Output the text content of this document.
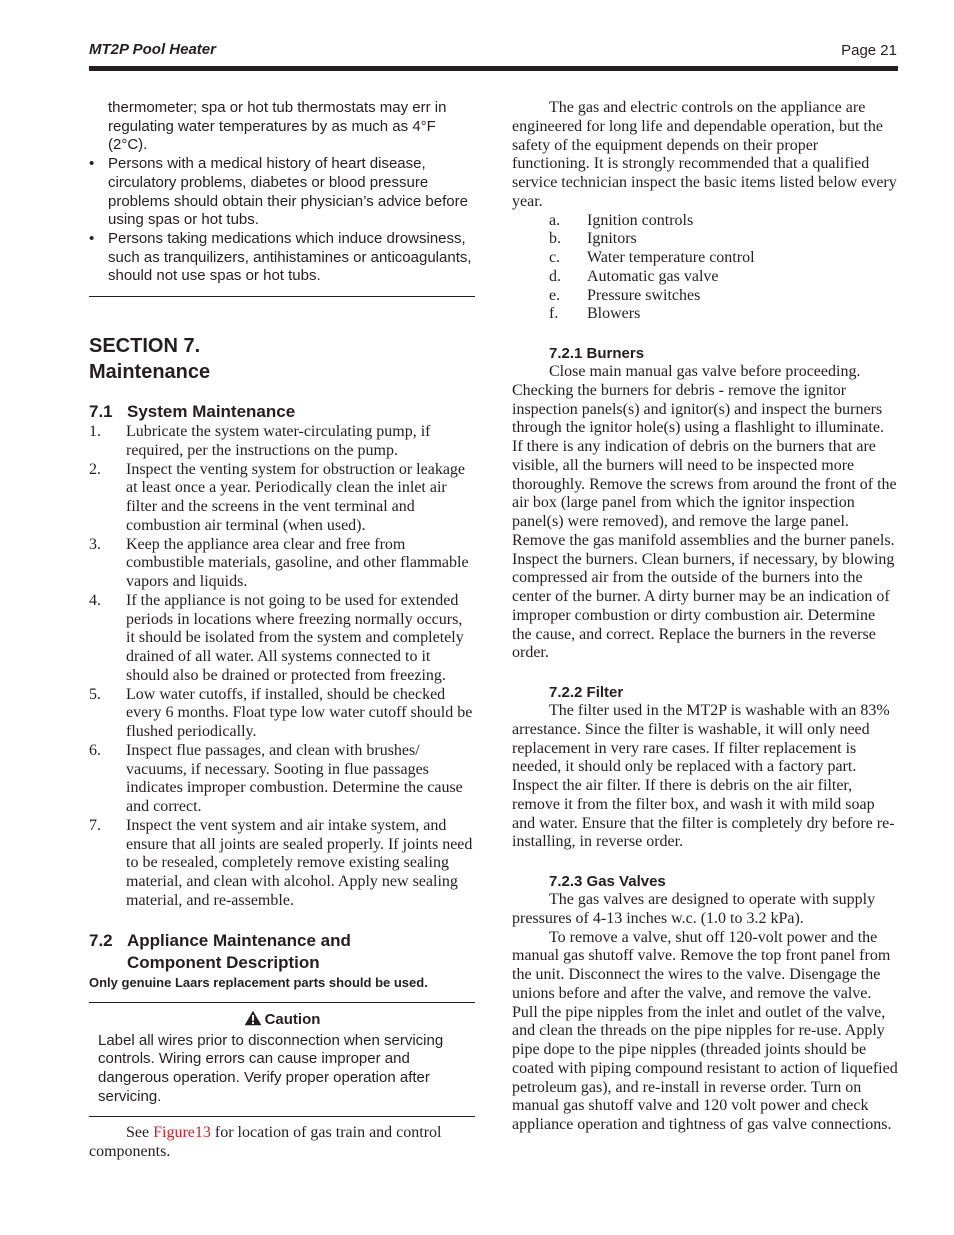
MT2P Pool Heater	Page 21
thermometer; spa or hot tub thermostats may err in regulating water temperatures by as much as 4°F (2°C).
• Persons with a medical history of heart disease, circulatory problems, diabetes or blood pressure problems should obtain their physician’s advice before using spas or hot tubs.
• Persons taking medications which induce drowsiness, such as tranquilizers, antihistamines or anticoagulants, should not use spas or hot tubs.
SECTION 7.
Maintenance
7.1 System Maintenance
1.	Lubricate the system water-circulating pump, if required, per the instructions on the pump.
2.	Inspect the venting system for obstruction or leakage at least once a year. Periodically clean the inlet air filter and the screens in the vent terminal and combustion air terminal (when used).
3.	Keep the appliance area clear and free from combustible materials, gasoline, and other flammable vapors and liquids.
4.	If the appliance is not going to be used for extended periods in locations where freezing normally occurs, it should be isolated from the system and completely drained of all water. All systems connected to it should also be drained or protected from freezing.
5.	Low water cutoffs, if installed, should be checked every 6 months. Float type low water cutoff should be flushed periodically.
6.	Inspect flue passages, and clean with brushes/ vacuums, if necessary. Sooting in flue passages indicates improper combustion. Determine the cause and correct.
7.	Inspect the vent system and air intake system, and ensure that all joints are sealed properly. If joints need to be resealed, completely remove existing sealing material, and clean with alcohol. Apply new sealing material, and re-assemble.
7.2 Appliance Maintenance and
Component Description
Only genuine Laars replacement parts should be used.
Caution
Label all wires prior to disconnection when servicing controls. Wiring errors can cause improper and dangerous operation. Verify proper operation after servicing.
See Figure13 for location of gas train and control components.
The gas and electric controls on the appliance are engineered for long life and dependable operation, but the safety of the equipment depends on their proper functioning. It is strongly recommended that a qualified service technician inspect the basic items listed below every year.
a.	Ignition controls
b.	Ignitors
c.	Water temperature control
d.	Automatic gas valve
e.	Pressure switches
f.	Blowers
7.2.1 Burners
Close main manual gas valve before proceeding. Checking the burners for debris - remove the ignitor inspection panels(s) and ignitor(s) and inspect the burners through the ignitor hole(s) using a flashlight to illuminate. If there is any indication of debris on the burners that are visible, all the burners will need to be inspected more thoroughly. Remove the screws from around the front of the air box (large panel from which the ignitor inspection panel(s) were removed), and remove the large panel. Remove the gas manifold assemblies and the burner panels. Inspect the burners. Clean burners, if necessary, by blowing compressed air from the outside of the burners into the center of the burner. A dirty burner may be an indication of improper combustion or dirty combustion air. Determine the cause, and correct. Replace the burners in the reverse order.
7.2.2 Filter
The filter used in the MT2P is washable with an 83% arrestance. Since the filter is washable, it will only need replacement in very rare cases. If filter replacement is needed, it should only be replaced with a factory part. Inspect the air filter. If there is debris on the air filter, remove it from the filter box, and wash it with mild soap and water. Ensure that the filter is completely dry before re-installing, in reverse order.
7.2.3 Gas Valves
The gas valves are designed to operate with supply pressures of 4-13 inches w.c. (1.0 to 3.2 kPa).
To remove a valve, shut off 120-volt power and the manual gas shutoff valve. Remove the top front panel from the unit. Disconnect the wires to the valve. Disengage the unions before and after the valve, and remove the valve. Pull the pipe nipples from the inlet and outlet of the valve, and clean the threads on the pipe nipples for re-use. Apply pipe dope to the pipe nipples (threaded joints should be coated with piping compound resistant to action of liquefied petroleum gas), and re-install in reverse order. Turn on manual gas shutoff valve and 120 volt power and check appliance operation and tightness of gas valve connections.
